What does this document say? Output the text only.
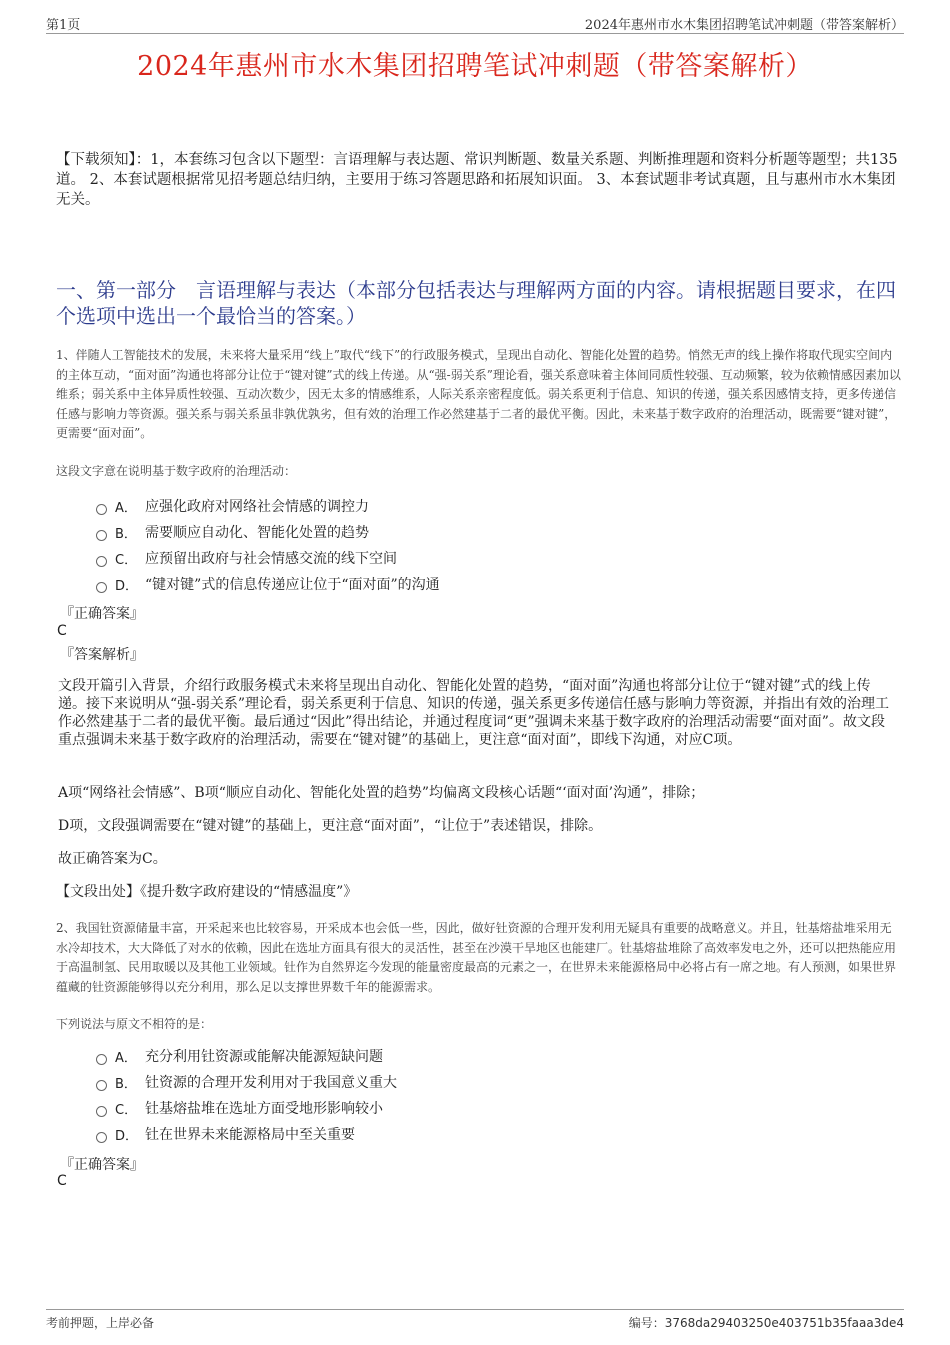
第1页	2024年惠州市水木集团招聘笔试冲刺题（带答案解析）
2024年惠州市水木集团招聘笔试冲刺题（带答案解析）
【下载须知】：1，本套练习包含以下题型：言语理解与表达题、常识判断题、数量关系题、判断推理题和资料分析题等题型；共135道。 2、本套试题根据常见招考题总结归纳，主要用于练习答题思路和拓展知识面。 3、本套试题非考试真题，且与惠州市水木集团无关。
一、第一部分　言语理解与表达（本部分包括表达与理解两方面的内容。请根据题目要求，在四个选项中选出一个最恰当的答案。）
1、伴随人工智能技术的发展，未来将大量采用“线上”取代“线下”的行政服务模式，呈现出自动化、智能化处置的趋势。悄然无声的线上操作将取代现实空间内的主体互动，“面对面”沟通也将部分让位于“键对键”式的线上传递。从“强-弱关系”理论看，强关系意味着主体间同质性较强、互动频繁，较为依赖情感因素加以维系；弱关系中主体异质性较强、互动次数少，因无太多的情感维系，人际关系亲密程度低。弱关系更利于信息、知识的传递，强关系因感情支持，更多传递信任感与影响力等资源。强关系与弱关系虽非孰优孰劣，但有效的治理工作必然建基于二者的最优平衡。因此，未来基于数字政府的治理活动，既需要“键对键”，更需要“面对面”。
这段文字意在说明基于数字政府的治理活动：
A． 应强化政府对网络社会情感的调控力
B． 需要顺应自动化、智能化处置的趋势
C． 应预留出政府与社会情感交流的线下空间
D． “键对键”式的信息传递应让位于“面对面”的沟通
『正确答案』
C
『答案解析』
文段开篇引入背景，介绍行政服务模式未来将呈现出自动化、智能化处置的趋势，“面对面”沟通也将部分让位于“键对键”式的线上传递。接下来说明从“强-弱关系”理论看，弱关系更利于信息、知识的传递，强关系更多传递信任感与影响力等资源，并指出有效的治理工作必然建基于二者的最优平衡。最后通过“因此”得出结论，并通过程度词“更”强调未来基于数字政府的治理活动需要“面对面”。故文段重点强调未来基于数字政府的治理活动，需要在“键对键”的基础上，更注意“面对面”，即线下沟通，对应C项。
A项“网络社会情感”、B项“顺应自动化、智能化处置的趋势”均偏离文段核心话题“‘面对面’沟通”，排除；
D项，文段强调需要在“键对键”的基础上，更注意“面对面”，“让位于”表述错误，排除。
故正确答案为C。
【文段出处】《提升数字政府建设的“情感温度”》
2、我国钍资源储量丰富，开采起来也比较容易，开采成本也会低一些，因此，做好钍资源的合理开发利用无疑具有重要的战略意义。并且，钍基熔盐堆采用无水冷却技术，大大降低了对水的依赖，因此在选址方面具有很大的灵活性，甚至在沙漠干旱地区也能建厂。钍基熔盐堆除了高效率发电之外，还可以把热能应用于高温制氢、民用取暖以及其他工业领域。钍作为自然界迄今发现的能量密度最高的元素之一，在世界未来能源格局中必将占有一席之地。有人预测，如果世界蕴藏的钍资源能够得以充分利用，那么足以支撑世界数千年的能源需求。
下列说法与原文不相符的是：
A． 充分利用钍资源或能解决能源短缺问题
B． 钍资源的合理开发利用对于我国意义重大
C． 钍基熔盐堆在选址方面受地形影响较小
D． 钍在世界未来能源格局中至关重要
『正确答案』
C
考前押题，上岸必备	编号：3768da29403250e403751b35faaa3de4
